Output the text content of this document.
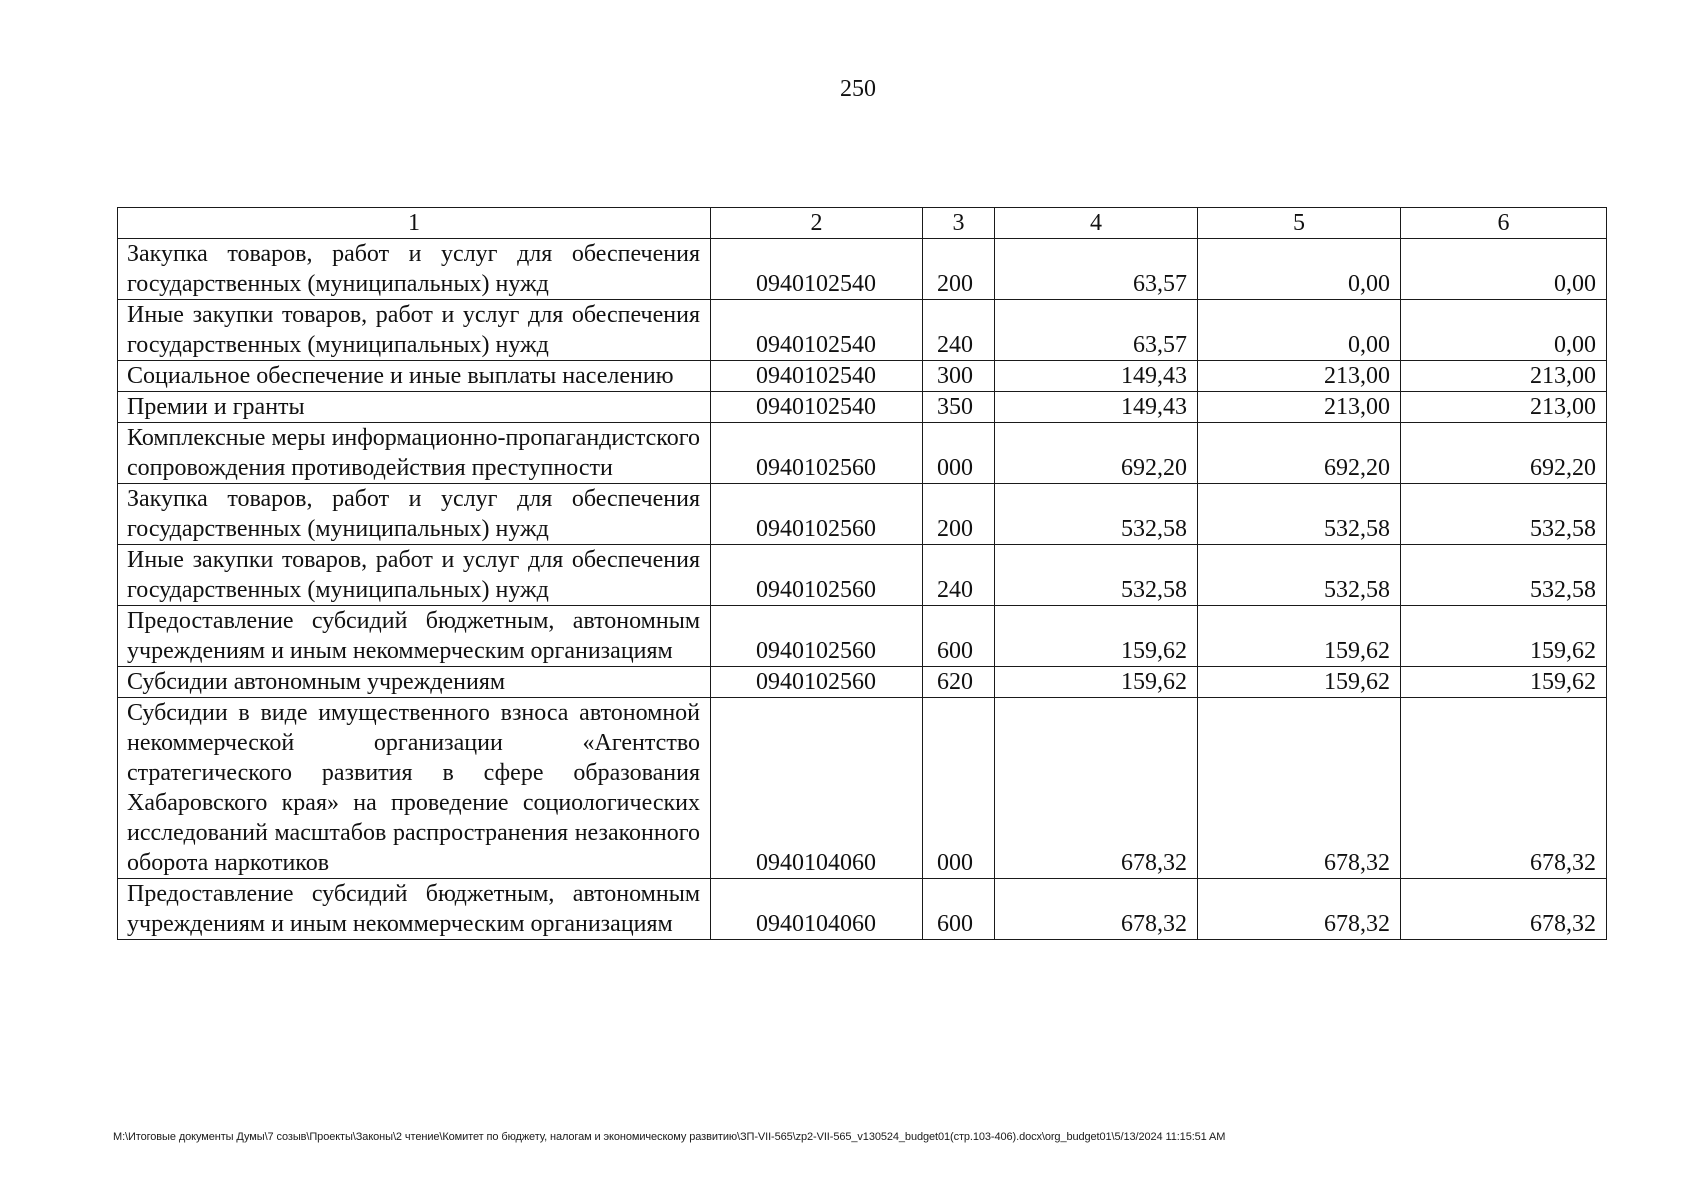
250
1	2	3	4	5	6
Закупка товаров, работ и услуг для обеспечения государственных (муниципальных) нужд	0940102540	200	63,57	0,00	0,00
Иные закупки товаров, работ и услуг для обеспечения государственных (муниципальных) нужд	0940102540	240	63,57	0,00	0,00
Социальное обеспечение и иные выплаты населению	0940102540	300	149,43	213,00	213,00
Премии и гранты	0940102540	350	149,43	213,00	213,00
Комплексные меры информационно-пропагандистского сопровождения противодействия преступности	0940102560	000	692,20	692,20	692,20
Закупка товаров, работ и услуг для обеспечения государственных (муниципальных) нужд	0940102560	200	532,58	532,58	532,58
Иные закупки товаров, работ и услуг для обеспечения государственных (муниципальных) нужд	0940102560	240	532,58	532,58	532,58
Предоставление субсидий бюджетным, автономным учреждениям и иным некоммерческим организациям	0940102560	600	159,62	159,62	159,62
Субсидии автономным учреждениям	0940102560	620	159,62	159,62	159,62
Субсидии в виде имущественного взноса автономной некоммерческой организации «Агентство стратегического развития в сфере образования Хабаровского края» на проведение социологических исследований масштабов распространения незаконного оборота наркотиков	0940104060	000	678,32	678,32	678,32
Предоставление субсидий бюджетным, автономным учреждениям и иным некоммерческим организациям	0940104060	600	678,32	678,32	678,32
M:\Итоговые документы Думы\7 созыв\Проекты\Законы\2 чтение\Комитет по бюджету, налогам и экономическому развитию\ЗП-VII-565\zp2-VII-565_v130524_budget01(стр.103-406).docx\org_budget01\5/13/2024 11:15:51 AM
